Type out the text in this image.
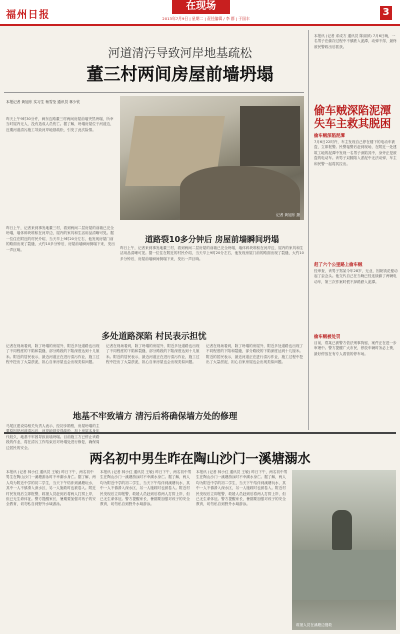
福州日报
在现场
2013年7月9日 | 星期二 | 责任编辑 / 李 群 | 于国丰
3
河道清污导致河岸地基疏松
董三村两间房屋前墙坍塌
本报记者 黄旭东 实习生 杨雪莹 通讯员 林少钦

昨天上午9时30分许，闽东边路董三村两间房屋前墙突然坍塌，所幸当时屋内无人，没有造成人员伤亡。据了解，坍塌房屋位于河道边，近期河道清污施工导致河岸地基疏松，引发了此次险情。

记者 黄旭东 摄
道路裂10多分钟后 房屋前墙瞬间坍塌

昨日上午，记者来到事发地董三村，看到两间二层房屋的前墙已完全坍塌，墙体碎块堆积在河岸边，屋内的家具和生活用品清晰可见。据一位住在附近的村民介绍，当天早上9时20分左右，他发现房屋门前的路面出现了裂缝，大约10多分钟后，房屋前墙瞬间倒塌下来，发出一声巨响。	昨日上午，记者来到事发地董三村，看到两间二层房屋的前墙已完全坍塌，墙体碎块堆积在河岸边，屋内的家具和生活用品清晰可见。据一位住在附近的村民介绍，当天早上9时20分左右，他发现房屋门前的路面出现了裂缝，大约10多分钟后，房屋前墙瞬间倒塌下来，发出一声巨响。

多处道路深陷 村民表示担忧

记者在现场看到，除了坍塌的房屋外，附近多处道路也出现了不同程度的下陷和裂缝，部分路段的下陷深度达到十几厘米。附近的居民表示，最近河道正在进行清污作业，施工过程中挖出了大量淤泥，担心自家房屋也会出现类似问题。

记者在现场看到，除了坍塌的房屋外，附近多处道路也出现了不同程度的下陷和裂缝，部分路段的下陷深度达到十几厘米。附近的居民表示，最近河道正在进行清污作业，施工过程中挖出了大量淤泥，担心自家房屋也会出现类似问题。

记者在现场看到，除了坍塌的房屋外，附近多处道路也出现了不同程度的下陷和裂缝，部分路段的下陷深度达到十几厘米。附近的居民表示，最近河道正在进行清污作业，施工过程中挖出了大量淤泥，担心自家房屋也会出现类似问题。

地基不牢致墙方 清污后将确保墙方处的修理

马尾区建设局相关负责人表示，经初步勘察，房屋坍塌的主 代较久，地基不牢固导致前墙坍塌。目前施工方已停止该路段的作业，将在清污工作结束后对坍塌处进行修复，确保周边居民的安全。

本报讯 (记者 邓成方 通讯员 陈丽萍) 7月6日晚，一名男子在偷窃过程中不慎跌入泥潭，动弹不得，最终被民警救出后抓获。

偷车贼深陷泥潭 失车主救其脱困
偷车贼深陷泥潭

7月6日22时许，车主发现自己停在楼下的电动车被盗，立即报警。民警接警后赶到现场，在附近一处建筑工地的泥潭中发现一名男子深陷其中，身旁正是被盗的电动车。该男子双腿陷入淤泥中无法动弹，车主和民警一起将其拉出。

赶了六个公里路上偷车贼

经审查，该男子郑某今年28岁，无业，因缺钱花便动起了歪念头。他交代自己在当晚已经连续偷了两辆电动车，第三次作案时慌不择路跌入泥潭。

偷车贼被处罚

目前，郑某已被警方依法刑事拘留，案件正在进一步审理中。警方提醒广大市民，停放车辆时务必上锁，最好停放在有专人看管的停车场。

两名初中男生昨在陶山沙门一溪塘溺水

本报讯 (记者 林小红 通讯员 王敏) 昨日下午，两名初中男生在陶山沙门一溪塘游泳时不幸溺水身亡。据了解，两人均为附近中学的初二学生，当天下午结伴到溪塘玩水，其中一人不慎滑入深水区，另一人施救时也被卷入。附近村民发现后立即报警，救援人员赶到后将两人打捞上岸，但已无生命体征。警方提醒家长，暑期要加强对孩子的安全教育，切勿私自到野外水域游泳。

本报讯 (记者 林小红 通讯员 王敏) 昨日下午，两名初中男生在陶山沙门一溪塘游泳时不幸溺水身亡。据了解，两人均为附近中学的初二学生，当天下午结伴到溪塘玩水，其中一人不慎滑入深水区，另一人施救时也被卷入。附近村民发现后立即报警，救援人员赶到后将两人打捞上岸，但已无生命体征。警方提醒家长，暑期要加强对孩子的安全教育，切勿私自到野外水域游泳。

本报讯 (记者 林小红 通讯员 王敏) 昨日下午，两名初中男生在陶山沙门一溪塘游泳时不幸溺水身亡。据了解，两人均为附近中学的初二学生，当天下午结伴到溪塘玩水，其中一人不慎滑入深水区，另一人施救时也被卷入。附近村民发现后立即报警，救援人员赶到后将两人打捞上岸，但已无生命体征。警方提醒家长，暑期要加强对孩子的安全教育，切勿私自到野外水域游泳。

救援人员在溪塘边搜救
